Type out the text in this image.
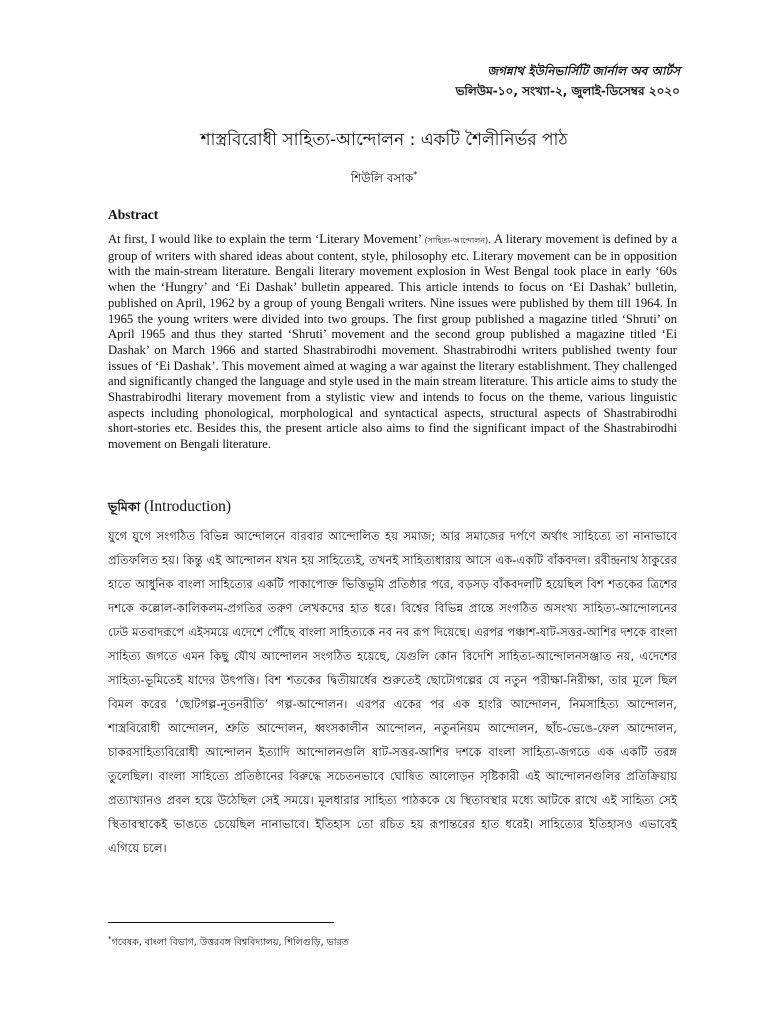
জগন্নাথ ইউনিভার্সিটি জার্নাল অব আর্টস
ভলিউম-১০, সংখ্যা-২, জুলাই-ডিসেম্বর ২০২০
শাস্ত্রবিরোধী সাহিত্য-আন্দোলন : একটি শৈলীনির্ভর পাঠ
শিউলি বসাক*
Abstract
At first, I would like to explain the term ‘Literary Movement’ (সাহিত্য-আন্দোলন). A literary movement is defined by a group of writers with shared ideas about content, style, philosophy etc. Literary movement can be in opposition with the main-stream literature. Bengali literary movement explosion in West Bengal took place in early ‘60s when the ‘Hungry’ and ‘Ei Dashak’ bulletin appeared. This article intends to focus on ‘Ei Dashak’ bulletin, published on April, 1962 by a group of young Bengali writers. Nine issues were published by them till 1964. In 1965 the young writers were divided into two groups. The first group published a magazine titled ‘Shruti’ on April 1965 and thus they started ‘Shruti’ movement and the second group published a magazine titled ‘Ei Dashak’ on March 1966 and started Shastrabirodhi movement. Shastrabirodhi writers published twenty four issues of ‘Ei Dashak’. This movement aimed at waging a war against the literary establishment. They challenged and significantly changed the language and style used in the main stream literature. This article aims to study the Shastrabirodhi literary movement from a stylistic view and intends to focus on the theme, various linguistic aspects including phonological, morphological and syntactical aspects, structural aspects of Shastrabirodhi short-stories etc. Besides this, the present article also aims to find the significant impact of the Shastrabirodhi movement on Bengali literature.
ভূমিকা (Introduction)
যুগে যুগে সংগঠিত বিভিন্ন আন্দোলনে বারবার আন্দোলিত হয় সমাজ; আর সমাজের দর্পণে অর্থাৎ সাহিত্যে তা নানাভাবে প্রতিফলিত হয়। কিন্তু এই আন্দোলন যখন হয় সাহিত্যেই, তখনই সাহিত্যধারায় আসে এক-একটি বাঁকবদল। রবীন্দ্রনাথ ঠাকুরের হাতে আধুনিক বাংলা সাহিত্যের একটি পাকাপোক্ত ভিত্তিভূমি প্রতিষ্ঠার পরে, বড়সড় বাঁকবদলটি হয়েছিল বিশ শতকের ত্রিশের দশকে কল্লোল-কালিকলম-প্রগতির তরুণ লেখকদের হাত ধরে। বিশ্বের বিভিন্ন প্রান্তে সংগঠিত অসংখ্য সাহিত্য-আন্দোলনের ঢেউ মতবাদরূপে এইসময়ে এদেশে পৌঁছে বাংলা সাহিত্যকে নব নব রূপ দিয়েছে। এরপর পঞ্চাশ-ষাট-সত্তর-আশির দশকে বাংলা সাহিত্য জগতে এমন কিছু যৌথ আন্দোলন সংগঠিত হয়েছে, যেগুলি কোন বিদেশি সাহিত্য-আন্দোলনসঞ্জাত নয়, এদেশের সাহিত্য-ভূমিতেই যাদের উৎপত্তি। বিশ শতকের দ্বিতীয়ার্ধের শুরুতেই ছোটোগল্পের যে নতুন পরীক্ষা-নিরীক্ষা, তার মূলে ছিল বিমল করের ‘ছোটগল্প-নূতনরীতি’ গল্প-আন্দোলন। এরপর একের পর এক হাংরি আন্দোলন, নিমসাহিত্য আন্দোলন, শাস্ত্রবিরোধী আন্দোলন, শ্রুতি আন্দোলন, ধ্বংসকালীন আন্দোলন, নতুননিয়ম আন্দোলন, ছাঁচ-ভেঙে-ফেল আন্দোলন, চাকরসাহিত্যবিরোধী আন্দোলন ইত্যাদি আন্দোলনগুলি ষাট-সত্তর-আশির দশকে বাংলা সাহিত্য-জগতে এক একটি তরঙ্গ তুলেছিল। বাংলা সাহিত্যে প্রতিষ্ঠানের বিরুদ্ধে সচেতনভাবে ঘোষিত আলোড়ন সৃষ্টিকারী এই আন্দোলনগুলির প্রতিক্রিয়ায় প্রত্যাখ্যানও প্রবল হয়ে উঠেছিল সেই সময়ে। মূলধারার সাহিত্য পাঠককে যে স্থিতাবস্থার মধ্যে আটকে রাখে এই সাহিত্য সেই স্থিতাবস্থাকেই ভাঙতে চেয়েছিল নানাভাবে। ইতিহাস তো রচিত হয় রূপান্তরের হাত ধরেই। সাহিত্যের ইতিহাসও এভাবেই এগিয়ে চলে।
*গবেষক, বাংলা বিভাগ, উত্তরবঙ্গ বিশ্ববিদ্যালয়, শিলিগুড়ি, ভারত
